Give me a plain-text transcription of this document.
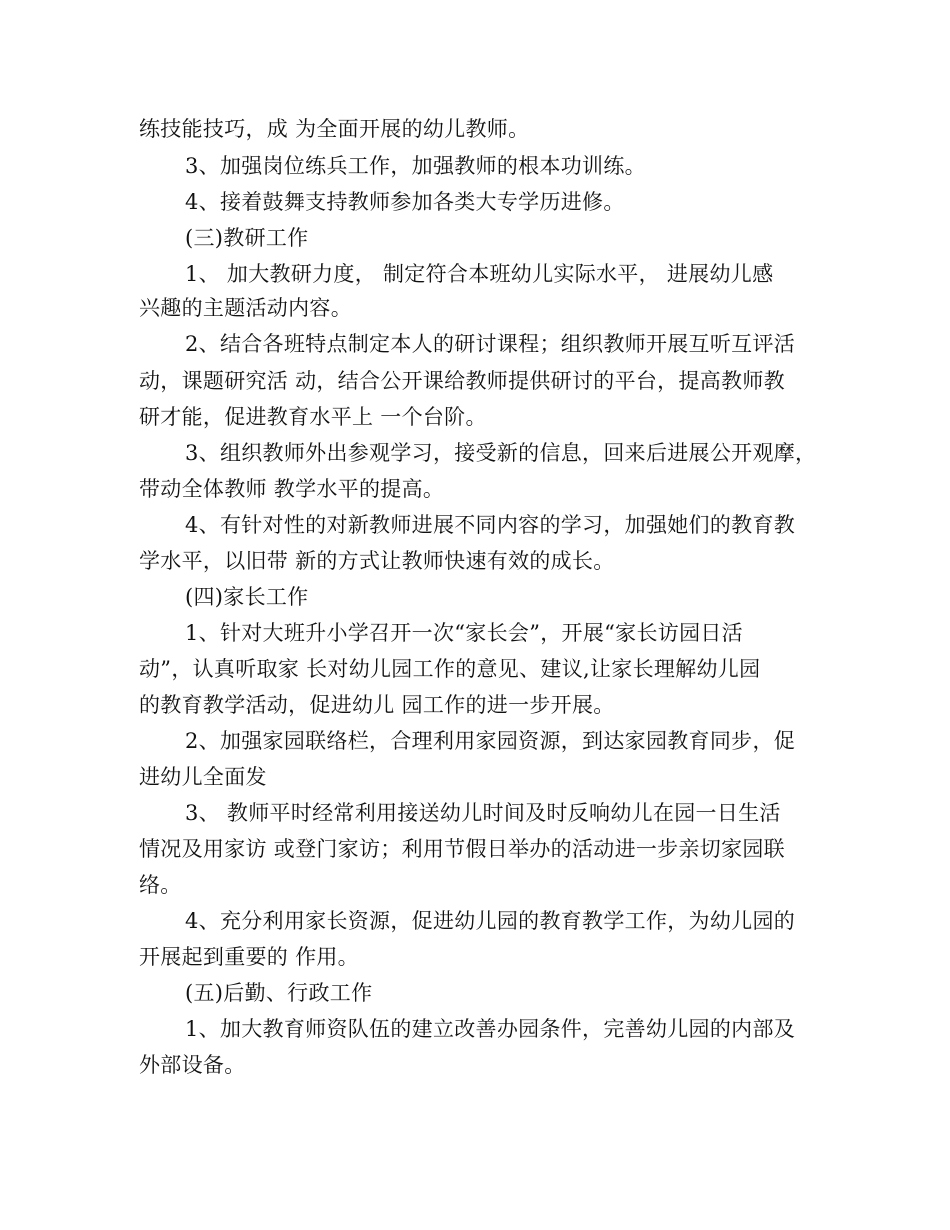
练技能技巧，成 为全面开展的幼儿教师。
3、加强岗位练兵工作，加强教师的根本功训练。
4、接着鼓舞支持教师参加各类大专学历进修。
(三)教研工作
1、 加大教研力度， 制定符合本班幼儿实际水平， 进展幼儿感
兴趣的主题活动内容。
2、结合各班特点制定本人的研讨课程；组织教师开展互听互评活
动，课题研究活 动，结合公开课给教师提供研讨的平台，提高教师教
研才能，促进教育水平上 一个台阶。
3、组织教师外出参观学习，接受新的信息，回来后进展公开观摩，
带动全体教师 教学水平的提高。
4、有针对性的对新教师进展不同内容的学习，加强她们的教育教
学水平，以旧带 新的方式让教师快速有效的成长。
(四)家长工作
1、针对大班升小学召开一次“家长会”，开展“家长访园日活
动”，认真听取家 长对幼儿园工作的意见、建议,让家长理解幼儿园
的教育教学活动，促进幼儿 园工作的进一步开展。
2、加强家园联络栏，合理利用家园资源，到达家园教育同步，促
进幼儿全面发
3、 教师平时经常利用接送幼儿时间及时反响幼儿在园一日生活
情况及用家访 或登门家访；利用节假日举办的活动进一步亲切家园联
络。
4、充分利用家长资源，促进幼儿园的教育教学工作，为幼儿园的
开展起到重要的 作用。
(五)后勤、行政工作
1、加大教育师资队伍的建立改善办园条件，完善幼儿园的内部及
外部设备。
